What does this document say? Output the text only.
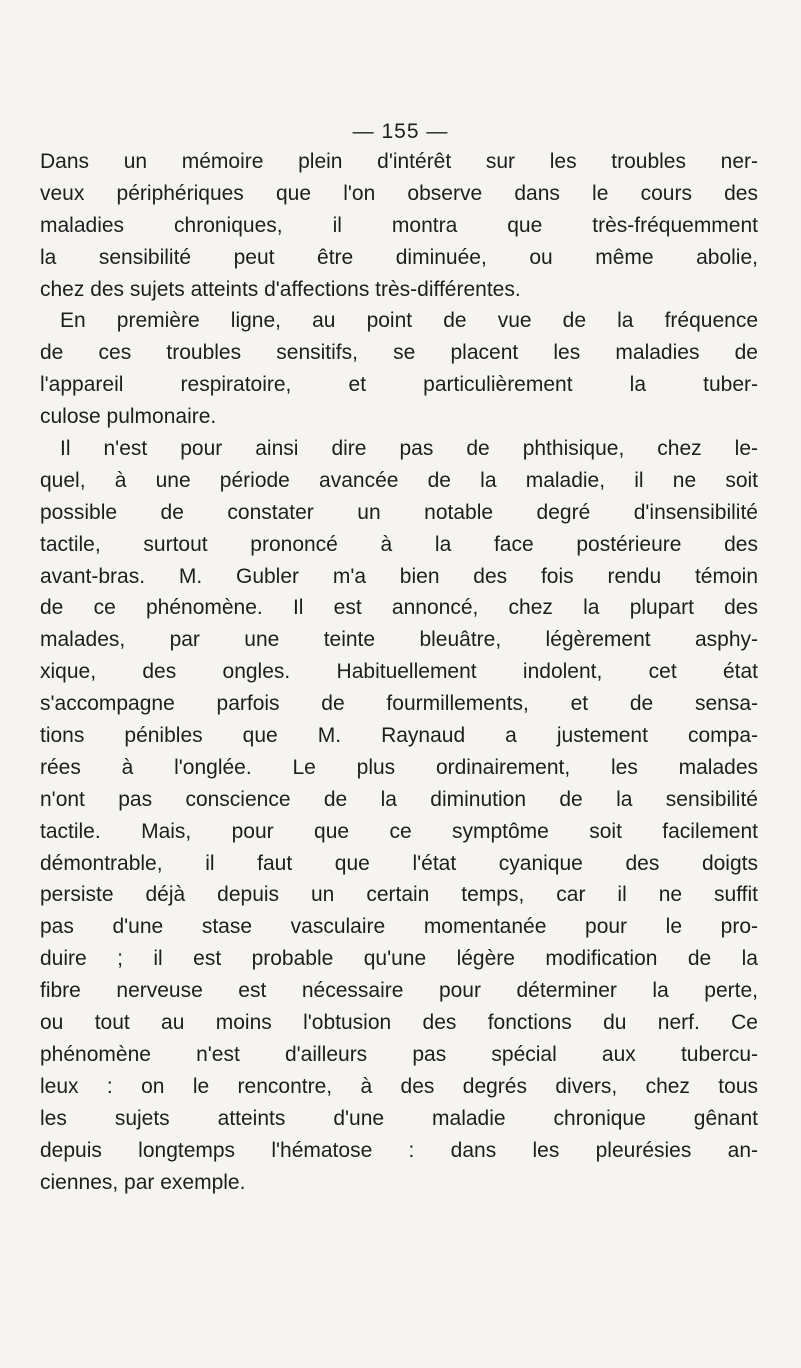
— 155 —
Dans un mémoire plein d'intérêt sur les troubles ner-
veux périphériques que l'on observe dans le cours des
maladies chroniques, il montra que très-fréquemment
la sensibilité peut être diminuée, ou même abolie,
chez des sujets atteints d'affections très-différentes.
En première ligne, au point de vue de la fréquence
de ces troubles sensitifs, se placent les maladies de
l'appareil respiratoire, et particulièrement la tuber-
culose pulmonaire.
Il n'est pour ainsi dire pas de phthisique, chez le-
quel, à une période avancée de la maladie, il ne soit
possible de constater un notable degré d'insensibilité
tactile, surtout prononcé à la face postérieure des
avant-bras. M. Gubler m'a bien des fois rendu témoin
de ce phénomène. Il est annoncé, chez la plupart des
malades, par une teinte bleuâtre, légèrement asphy-
xique, des ongles. Habituellement indolent, cet état
s'accompagne parfois de fourmillements, et de sensa-
tions pénibles que M. Raynaud a justement compa-
rées à l'onglée. Le plus ordinairement, les malades
n'ont pas conscience de la diminution de la sensibilité
tactile. Mais, pour que ce symptôme soit facilement
démontrable, il faut que l'état cyanique des doigts
persiste déjà depuis un certain temps, car il ne suffit
pas d'une stase vasculaire momentanée pour le pro-
duire ; il est probable qu'une légère modification de la
fibre nerveuse est nécessaire pour déterminer la perte,
ou tout au moins l'obtusion des fonctions du nerf. Ce
phénomène n'est d'ailleurs pas spécial aux tubercu-
leux : on le rencontre, à des degrés divers, chez tous
les sujets atteints d'une maladie chronique gênant
depuis longtemps l'hématose : dans les pleurésies an-
ciennes, par exemple.
